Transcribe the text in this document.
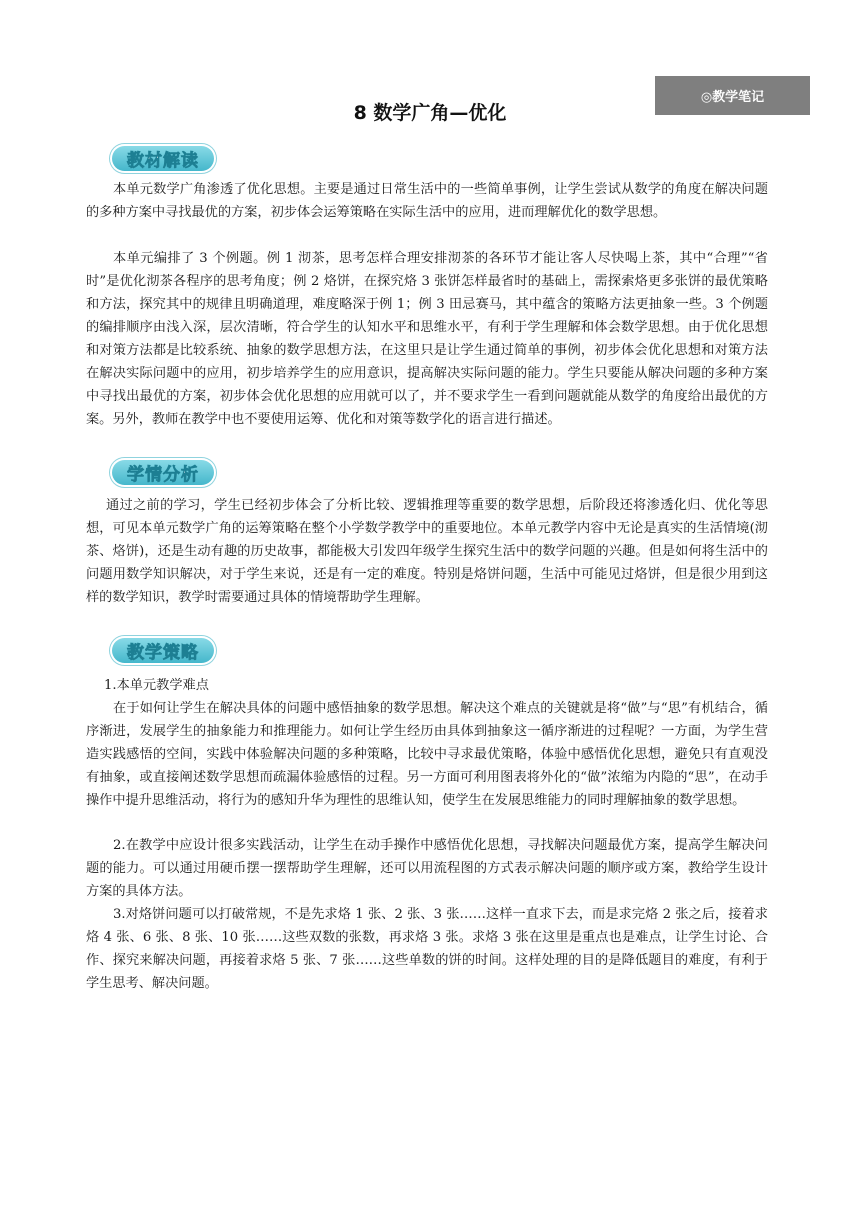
◎教学笔记
8 数学广角—优化
教材解读

本单元数学广角渗透了优化思想。主要是通过日常生活中的一些简单事例，让学生尝试从数学的角度在解决问题的多种方案中寻找最优的方案，初步体会运筹策略在实际生活中的应用，进而理解优化的数学思想。

本单元编排了 3 个例题。例 1 沏茶，思考怎样合理安排沏茶的各环节才能让客人尽快喝上茶，其中“合理”“省时”是优化沏茶各程序的思考角度；例 2 烙饼，在探究烙 3 张饼怎样最省时的基础上，需探索烙更多张饼的最优策略和方法，探究其中的规律且明确道理，难度略深于例 1；例 3 田忌赛马，其中蕴含的策略方法更抽象一些。3 个例题的编排顺序由浅入深，层次清晰，符合学生的认知水平和思维水平，有利于学生理解和体会数学思想。由于优化思想和对策方法都是比较系统、抽象的数学思想方法，在这里只是让学生通过简单的事例，初步体会优化思想和对策方法在解决实际问题中的应用，初步培养学生的应用意识，提高解决实际问题的能力。学生只要能从解决问题的多种方案中寻找出最优的方案，初步体会优化思想的应用就可以了，并不要求学生一看到问题就能从数学的角度给出最优的方案。另外，教师在教学中也不要使用运筹、优化和对策等数学化的语言进行描述。

学情分析

通过之前的学习，学生已经初步体会了分析比较、逻辑推理等重要的数学思想，后阶段还将渗透化归、优化等思想，可见本单元数学广角的运筹策略在整个小学数学教学中的重要地位。本单元教学内容中无论是真实的生活情境(沏茶、烙饼)，还是生动有趣的历史故事，都能极大引发四年级学生探究生活中的数学问题的兴趣。但是如何将生活中的问题用数学知识解决，对于学生来说，还是有一定的难度。特别是烙饼问题，生活中可能见过烙饼，但是很少用到这样的数学知识，教学时需要通过具体的情境帮助学生理解。

教学策略

1.本单元教学难点

在于如何让学生在解决具体的问题中感悟抽象的数学思想。解决这个难点的关键就是将“做”与“思”有机结合，循序渐进，发展学生的抽象能力和推理能力。如何让学生经历由具体到抽象这一循序渐进的过程呢？一方面，为学生营造实践感悟的空间，实践中体验解决问题的多种策略，比较中寻求最优策略，体验中感悟优化思想，避免只有直观没有抽象，或直接阐述数学思想而疏漏体验感悟的过程。另一方面可利用图表将外化的“做”浓缩为内隐的“思”，在动手操作中提升思维活动，将行为的感知升华为理性的思维认知，使学生在发展思维能力的同时理解抽象的数学思想。

2.在教学中应设计很多实践活动，让学生在动手操作中感悟优化思想，寻找解决问题最优方案，提高学生解决问题的能力。可以通过用硬币摆一摆帮助学生理解，还可以用流程图的方式表示解决问题的顺序或方案，教给学生设计方案的具体方法。

3.对烙饼问题可以打破常规，不是先求烙 1 张、2 张、3 张……这样一直求下去，而是求完烙 2 张之后，接着求烙 4 张、6 张、8 张、10 张……这些双数的张数，再求烙 3 张。求烙 3 张在这里是重点也是难点，让学生讨论、合作、探究来解决问题，再接着求烙 5 张、7 张……这些单数的饼的时间。这样处理的目的是降低题目的难度，有利于学生思考、解决问题。
